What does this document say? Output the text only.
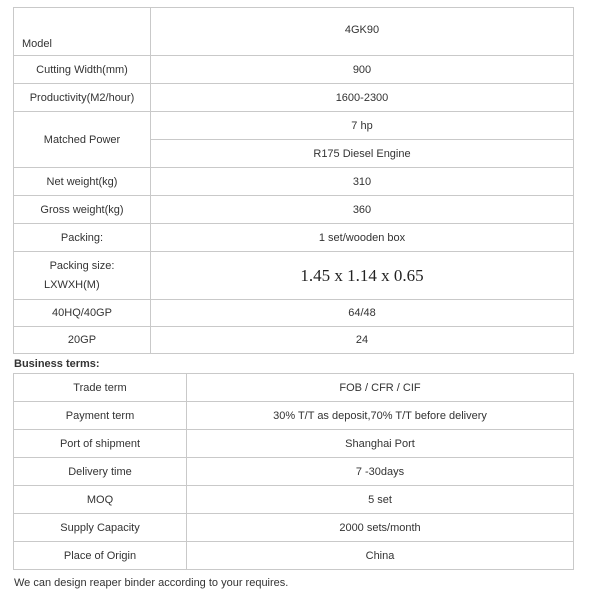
Model	4GK90
Cutting Width(mm)	900
Productivity(M2/hour)	1600-2300
Matched Power	7 hp
	R175 Diesel Engine
Net weight(kg)	310
Gross weight(kg)	360
Packing:	1 set/wooden box

Packing size:
LXWXH(M)	1.45 x 1.14 x 0.65
40HQ/40GP	64/48
20GP	24
Business terms:
Trade term	FOB / CFR / CIF
Payment term	30% T/T as deposit,70% T/T before delivery
Port of shipment	Shanghai Port
Delivery time	7 -30days
MOQ	5 set
Supply Capacity	2000 sets/month
Place of Origin	China
We can design reaper binder according to your requires.
